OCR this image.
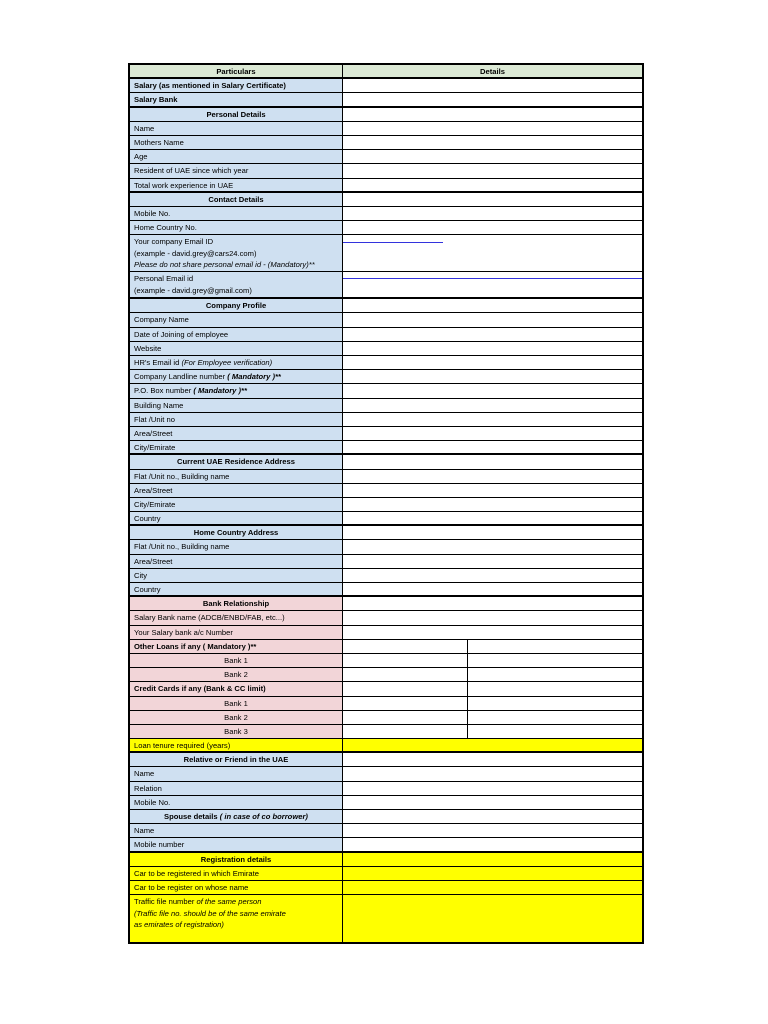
Particulars	Details
Salary (as mentioned in Salary Certificate)
Salary Bank
Personal Details
Name
Mothers Name
Age
Resident of UAE since which year
Total work experience in UAE
Contact Details
Mobile No.
Home Country No.
Your company Email ID
(example - david.grey@cars24.com)
Please do not share personal email id - (Mandatory)**
Personal Email id
(example - david.grey@gmail.com)
Company Profile
Company Name
Date of Joining of employee
Website
HR's Email id (For Employee verification)
Company Landline number ( Mandatory )**
P.O. Box number ( Mandatory )**
Building Name
Flat /Unit no
Area/Street
City/Emirate
Current UAE Residence Address
Flat /Unit no., Building name
Area/Street
City/Emirate
Country
Home Country Address
Flat /Unit no., Building name
Area/Street
City
Country
Bank Relationship
Salary Bank name (ADCB/ENBD/FAB, etc...)
Your Salary bank a/c Number
Other Loans if any ( Mandatory )**
Bank 1
Bank 2
Credit Cards if any (Bank & CC limit)
Bank 1
Bank 2
Bank 3
Loan tenure required (years)
Relative or Friend in the UAE
Name
Relation
Mobile No.
Spouse details ( in case of co borrower)
Name
Mobile number
Registration details
Car to be registered in which Emirate
Car to be register on whose name
Traffic file number of the same person
(Traffic file no. should be of the same emirate
as emirates of registration)
